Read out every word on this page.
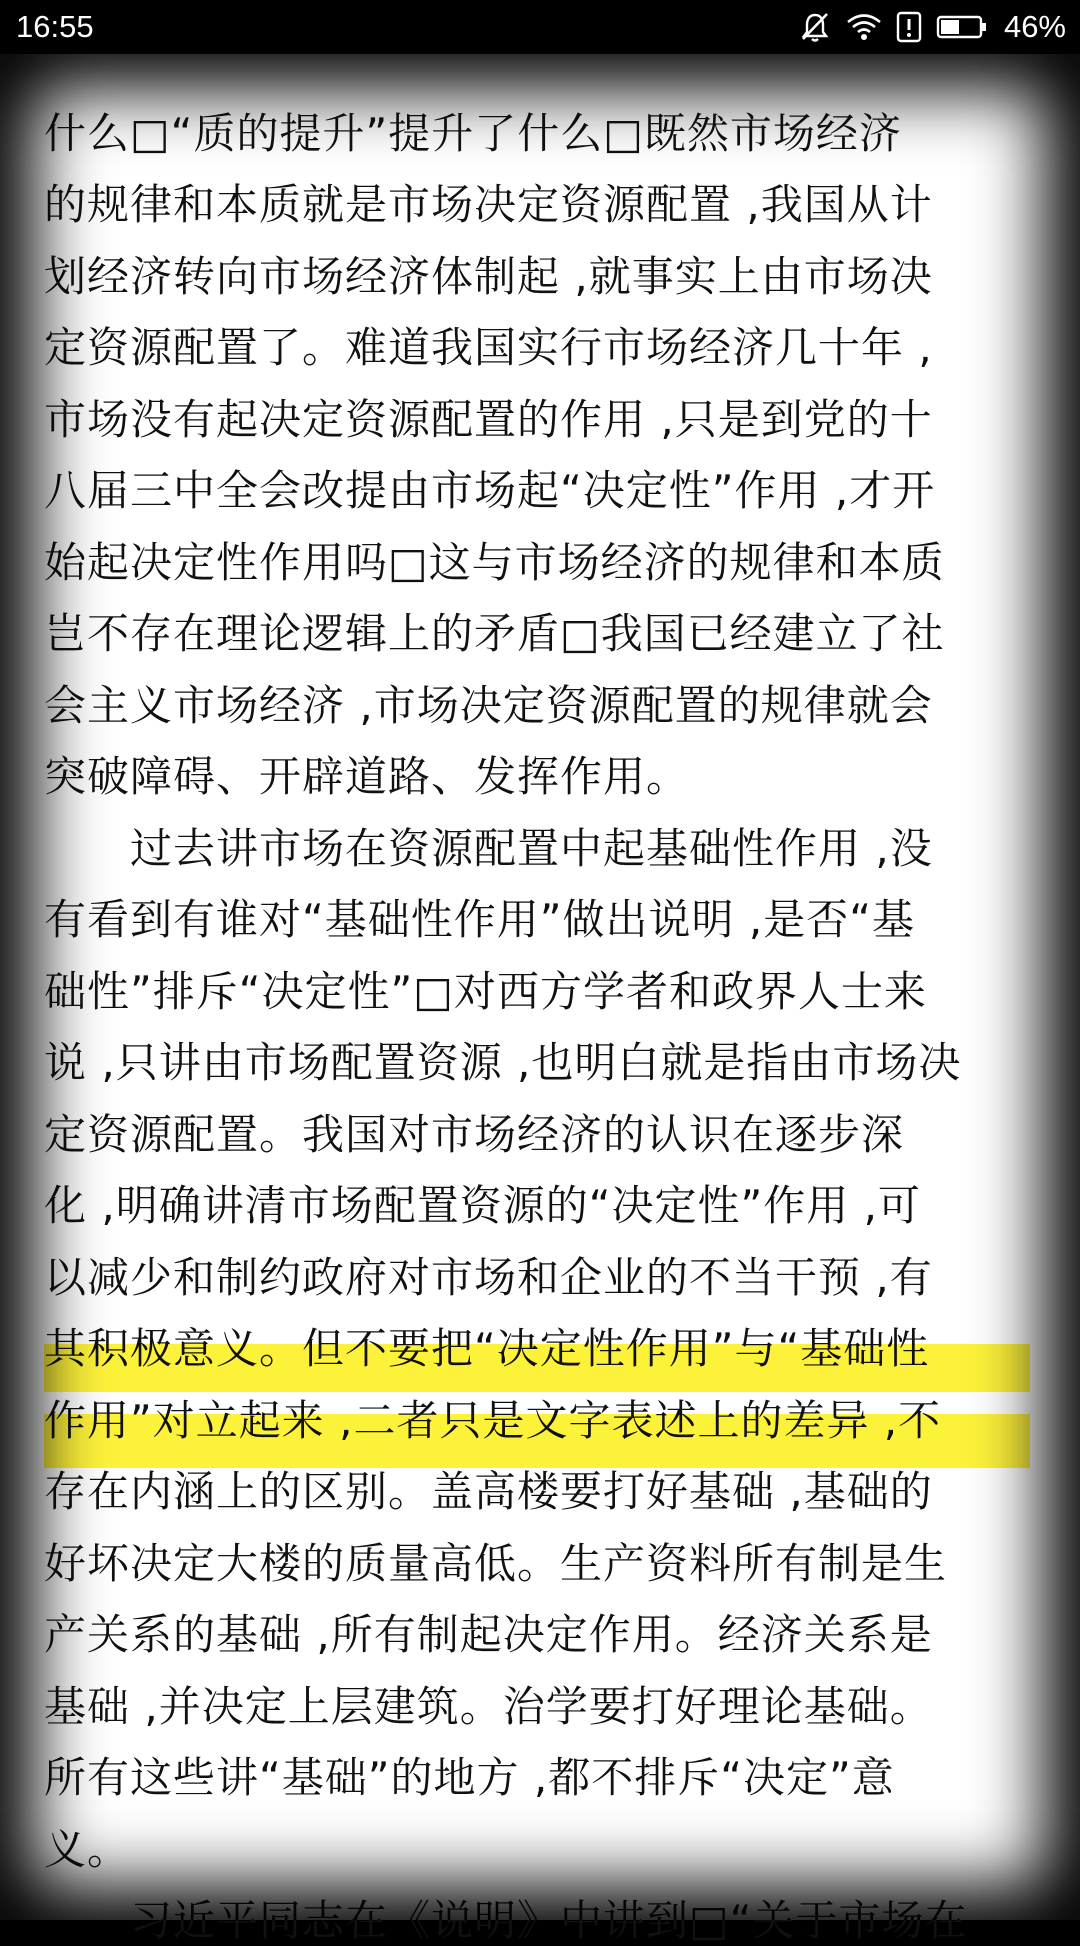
16:55	46%
什么□“质的提升”提升了什么□既然市场经济
的规律和本质就是市场决定资源配置 ,我国从计
划经济转向市场经济体制起 ,就事实上由市场决
定资源配置了。难道我国实行市场经济几十年 ,
市场没有起决定资源配置的作用 ,只是到党的十
八届三中全会改提由市场起“决定性”作用 ,才开
始起决定性作用吗□这与市场经济的规律和本质
岂不存在理论逻辑上的矛盾□我国已经建立了社
会主义市场经济 ,市场决定资源配置的规律就会
突破障碍、开辟道路、发挥作用。
　　过去讲市场在资源配置中起基础性作用 ,没
有看到有谁对“基础性作用”做出说明 ,是否“基
础性”排斥“决定性”□对西方学者和政界人士来
说 ,只讲由市场配置资源 ,也明白就是指由市场决
定资源配置。我国对市场经济的认识在逐步深
化 ,明确讲清市场配置资源的“决定性”作用 ,可
以减少和制约政府对市场和企业的不当干预 ,有
其积极意义。但不要把“决定性作用”与“基础性
作用”对立起来 ,二者只是文字表述上的差异 ,不
存在内涵上的区别。盖高楼要打好基础 ,基础的
好坏决定大楼的质量高低。生产资料所有制是生
产关系的基础 ,所有制起决定作用。经济关系是
基础 ,并决定上层建筑。治学要打好理论基础。
所有这些讲“基础”的地方 ,都不排斥“决定”意
义。
　　习近平同志在《说明》中讲到□“关于市场在
